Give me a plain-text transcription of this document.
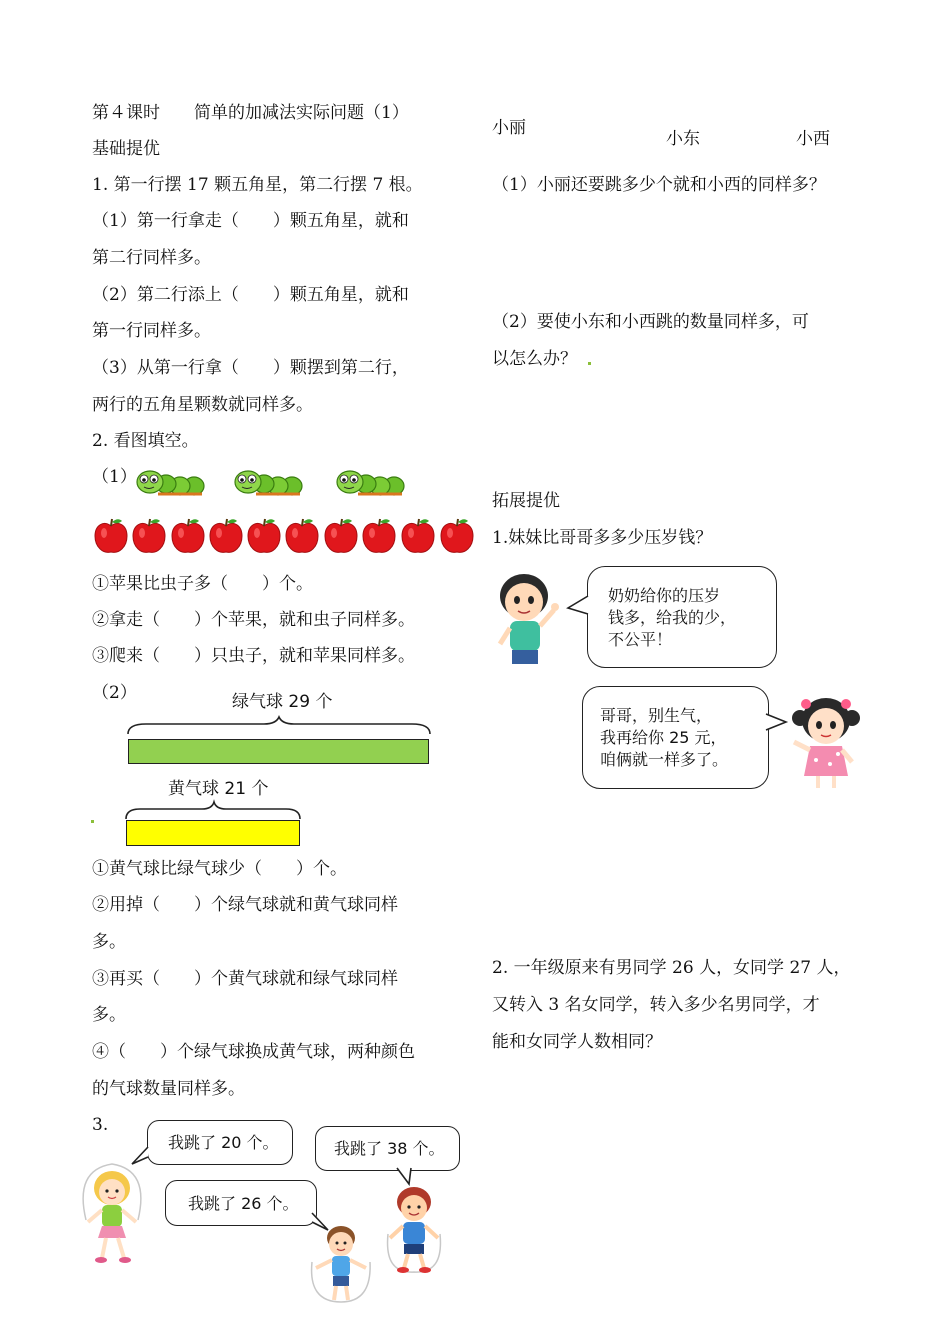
第４课时　　简单的加减法实际问题（1）
基础提优
1. 第一行摆 17 颗五角星，第二行摆 7 根。
（1）第一行拿走（　　）颗五角星，就和
第二行同样多。
（2）第二行添上（　　）颗五角星，就和
第一行同样多。
（3）从第一行拿（　　）颗摆到第二行，
两行的五角星颗数就同样多。
2. 看图填空。
（1）
①苹果比虫子多（　　）个。
②拿走（　　）个苹果，就和虫子同样多。
③爬来（　　）只虫子，就和苹果同样多。
（2）	绿气球 29 个
黄气球 21 个
①黄气球比绿气球少（　　）个。
②用掉（　　）个绿气球就和黄气球同样
多。
③再买（　　）个黄气球就和绿气球同样
多。
④（　　）个绿气球换成黄气球，两种颜色
的气球数量同样多。
3.
我跳了 20 个。	我跳了 38 个。
我跳了 26 个。
小丽
小东	小西
（1）小丽还要跳多少个就和小西的同样多？
（2）要使小东和小西跳的数量同样多，可
以怎么办？
拓展提优
1.妹妹比哥哥多多少压岁钱？
奶奶给你的压岁
钱多，给我的少，
不公平！
哥哥，别生气，
我再给你 25 元，
咱俩就一样多了。
2. 一年级原来有男同学 26 人，女同学 27 人，
又转入 3 名女同学，转入多少名男同学，才
能和女同学人数相同？
